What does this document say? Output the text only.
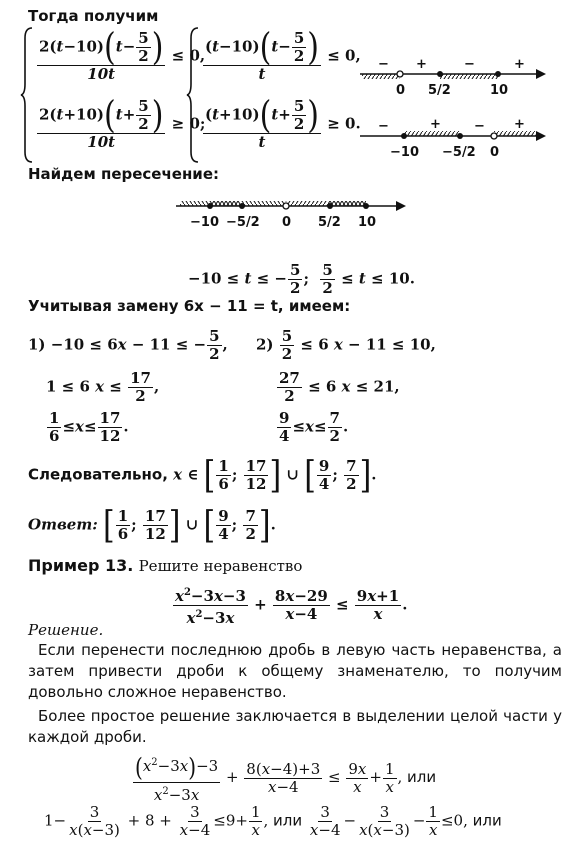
Тогда получим
$\frac{2(t-10)(t- \frac{5}{2} )}{10t} \le 0$,
$\frac{2(t+10)(t+ \frac{5}{2} )}{10t} \ge 0$;
$\frac{(t-10)(t- \frac{5}{2} )}{t} \le 0$,
$\frac{(t+10)(t+ \frac{5}{2} )}{t} \ge 0$.
− +	−	+
0 5/2	10
−	+	− +
−10 −5/2 0
Найдем пересечение:
−10 −5/2 0 5/2 10
−10 ≤ t ≤ − $\frac{5}{2}$ ; $\frac{5}{2} \le t \le 10$.
Учитывая замену 6x − 11 = t, имеем:
1) −10 ≤ 6x − 11 ≤ − $\frac{5}{2}$ ,
1 ≤ 6 $x \le \frac{17}{2}$ ,
$\frac{1}{6} \le x\le \frac{17}{12}$ .
$2) \frac{5}{2} \le 6$ x − 11 ≤ 10,
$\frac{27}{2} \le 6$ x ≤ 21,
$\frac{9}{4} \le x\le \frac{7}{2}$ .
Следовательно, x ∈ [ $\frac{1}{6}$ ; $\frac{17}{12}$ ] ∪ [ $\frac{9}{4}$ ; $\frac{7}{2}$ ].
Ответ: [ $\frac{1}{6}$ ; $\frac{17}{12}$ ] ∪ [ $\frac{9}{4}$ ; $\frac{7}{2}$ ].
Пример 13. Решите неравенство
$\frac{x^2-3x-3}{x^2-3x} + \frac{8x-29}{x-4} \le \frac{9x+1}{x}$ .
Решение.

Если перенести последнюю дробь в левую часть неравенства, а затем привести дроби к общему знаменателю, то получим довольно сложное неравенство.

Более простое решение заключается в выделении целой части у каждой дроби.

$\frac{(x^2-3x)-3}{x^2-3x} + \frac{8(x-4)+3}{x-4} \le \frac{9x}{x} + \frac{1}{x}$ , или
$1- \frac{3}{x(x-3)} + 8 + \frac{3}{x-4} \le 9+ \frac{1}{x}$ , или $\frac{3}{x-4} - \frac{3}{x(x-3)} - \frac{1}{x} \le 0$, или
